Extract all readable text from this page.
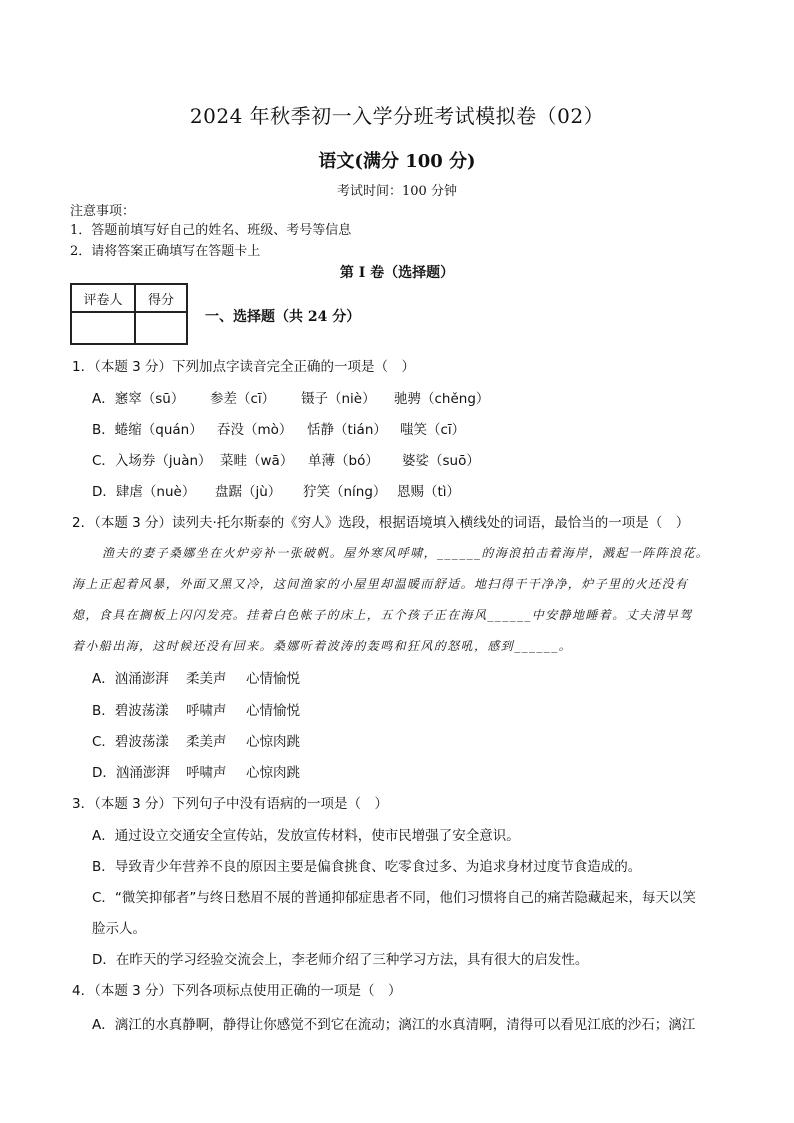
2024 年秋季初一入学分班考试模拟卷（02）
语文(满分 100 分)
考试时间：100 分钟
注意事项：
1．答题前填写好自己的姓名、班级、考号等信息
2．请将答案正确填写在答题卡上
第 I 卷（选择题）
评卷人	得分

一、选择题（共 24 分）
1．（本题 3 分）下列加点字读音完全正确的一项是（　）
A．窸窣（sū） 参差（cī） 镊子（niè） 驰骋（chěng）
B．蜷缩（quán） 吞没（mò） 恬静（tián） 嗤笑（cī）
C．入场券（juàn） 菜畦（wā） 单薄（bó） 婆娑（suō）
D．肆虐（nuè） 盘踞（jù） 狞笑（níng） 恩赐（tì）
2．（本题 3 分）读列夫·托尔斯泰的《穷人》选段，根据语境填入横线处的词语，最恰当的一项是（　）
渔夫的妻子桑娜坐在火炉旁补一张破帆。屋外寒风呼啸，______的海浪拍击着海岸，溅起一阵阵浪花。
海上正起着风暴，外面又黑又冷，这间渔家的小屋里却温暖而舒适。地扫得干干净净，炉子里的火还没有
熄，食具在搁板上闪闪发亮。挂着白色帐子的床上，五个孩子正在海风______中安静地睡着。丈夫清早驾
着小船出海，这时候还没有回来。桑娜听着波涛的轰鸣和狂风的怒吼，感到______。
A．汹涌澎湃 柔美声 心情愉悦
B．碧波荡漾 呼啸声 心情愉悦
C．碧波荡漾 柔美声 心惊肉跳
D．汹涌澎湃 呼啸声 心惊肉跳
3．（本题 3 分）下列句子中没有语病的一项是（　）
A．通过设立交通安全宣传站，发放宣传材料，使市民增强了安全意识。
B．导致青少年营养不良的原因主要是偏食挑食、吃零食过多、为追求身材过度节食造成的。
C．“微笑抑郁者”与终日愁眉不展的普通抑郁症患者不同，他们习惯将自己的痛苦隐藏起来，每天以笑
脸示人。
D．在昨天的学习经验交流会上，李老师介绍了三种学习方法，具有很大的启发性。
4．（本题 3 分）下列各项标点使用正确的一项是（　）
A．漓江的水真静啊，静得让你感觉不到它在流动；漓江的水真清啊，清得可以看见江底的沙石；漓江
